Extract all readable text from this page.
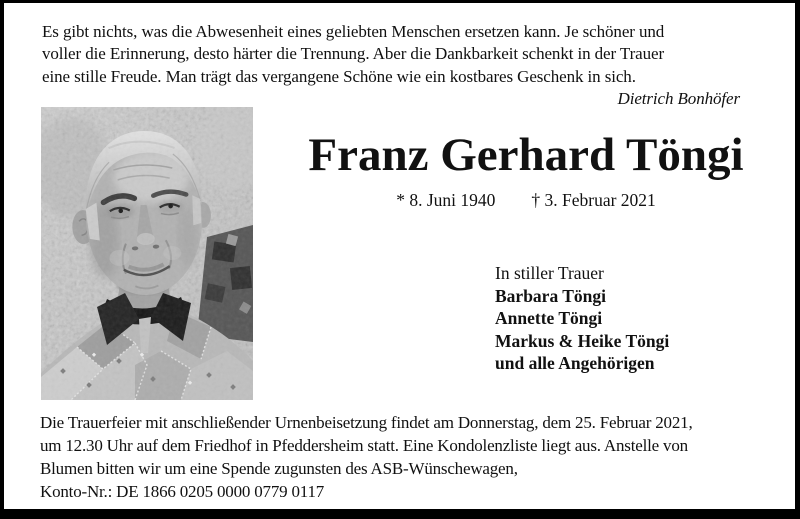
Es gibt nichts, was die Abwesenheit eines geliebten Menschen ersetzen kann. Je schöner und
voller die Erinnerung, desto härter die Trennung. Aber die Dankbarkeit schenkt in der Trauer
eine stille Freude. Man trägt das vergangene Schöne wie ein kostbares Geschenk in sich.
Dietrich Bonhöfer
Franz Gerhard Töngi
* 8. Juni 1940 † 3. Februar 2021
In stiller Trauer
Barbara Töngi
Annette Töngi
Markus & Heike Töngi
und alle Angehörigen
Die Trauerfeier mit anschließender Urnenbeisetzung findet am Donnerstag, dem 25. Februar 2021,
um 12.30 Uhr auf dem Friedhof in Pfeddersheim statt. Eine Kondolenzliste liegt aus. Anstelle von
Blumen bitten wir um eine Spende zugunsten des ASB-Wünschewagen,
Konto-Nr.: DE 1866 0205 0000 0779 0117
